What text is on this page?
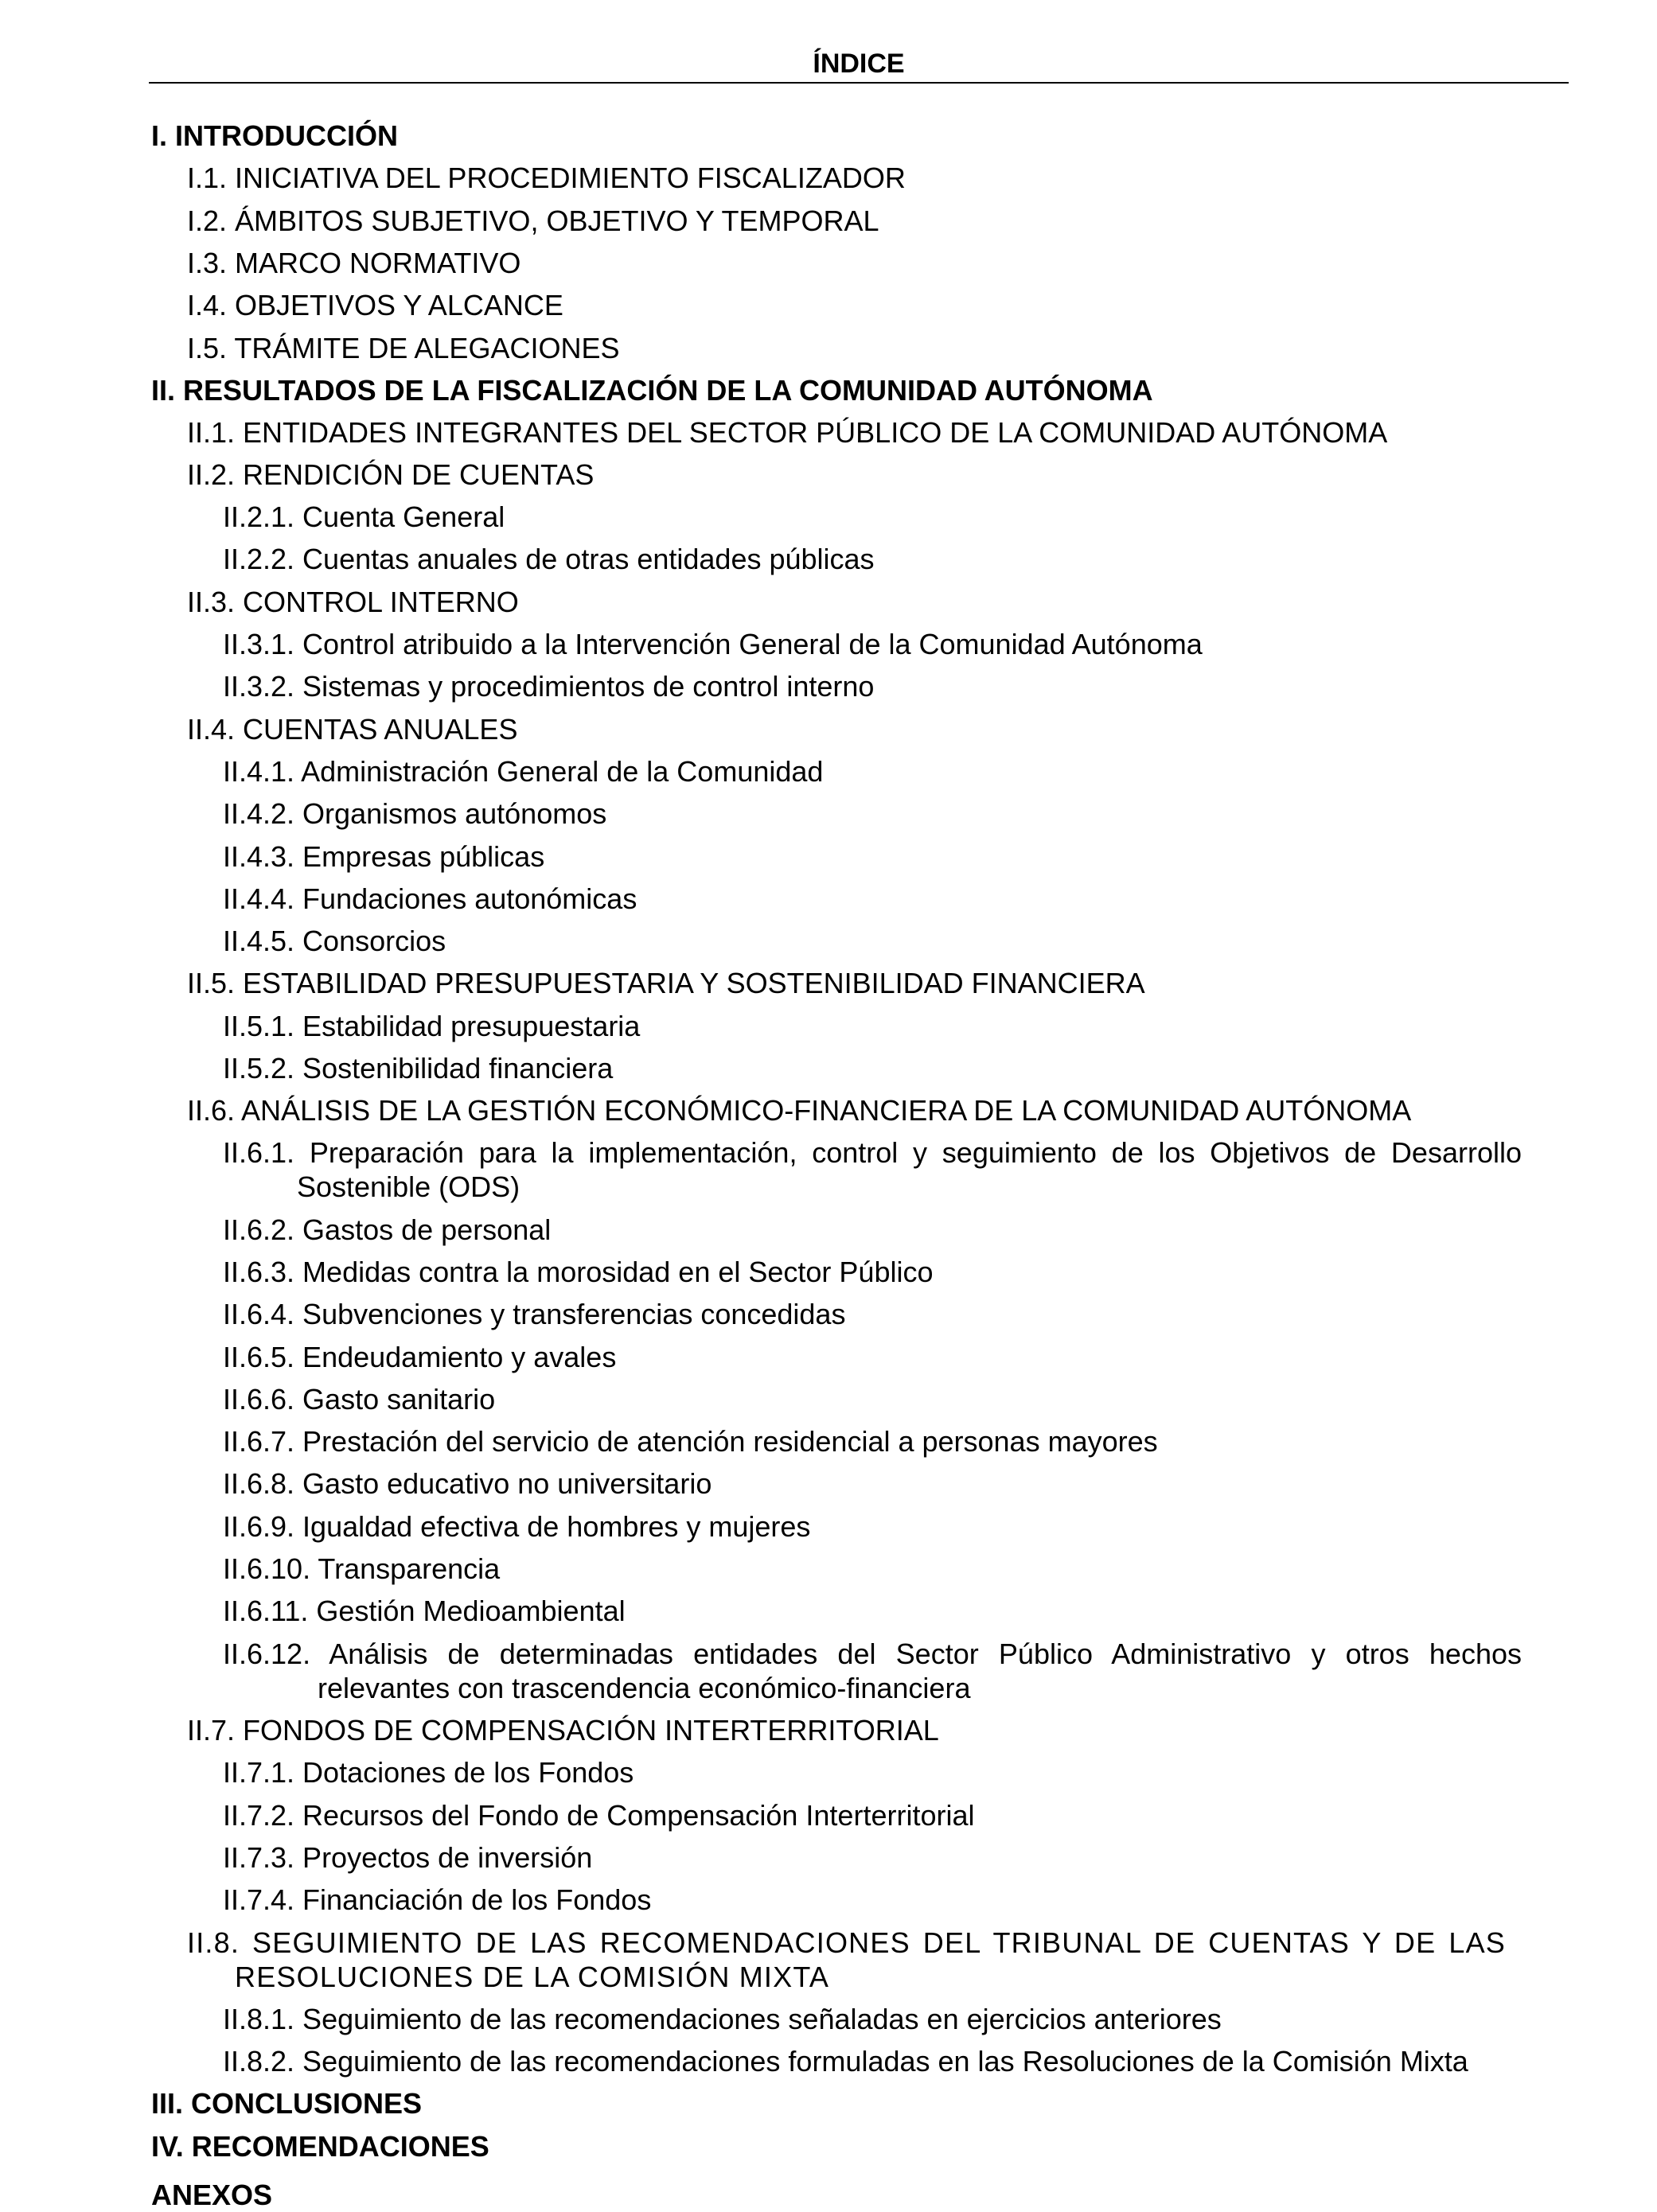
ÍNDICE
I. INTRODUCCIÓN
I.1. INICIATIVA DEL PROCEDIMIENTO FISCALIZADOR
I.2. ÁMBITOS SUBJETIVO, OBJETIVO Y TEMPORAL
I.3. MARCO NORMATIVO
I.4. OBJETIVOS Y ALCANCE
I.5. TRÁMITE DE ALEGACIONES
II. RESULTADOS DE LA FISCALIZACIÓN DE LA COMUNIDAD AUTÓNOMA
II.1. ENTIDADES INTEGRANTES DEL SECTOR PÚBLICO DE LA COMUNIDAD AUTÓNOMA
II.2. RENDICIÓN DE CUENTAS
II.2.1. Cuenta General
II.2.2. Cuentas anuales de otras entidades públicas
II.3. CONTROL INTERNO
II.3.1. Control atribuido a la Intervención General de la Comunidad Autónoma
II.3.2. Sistemas y procedimientos de control interno
II.4. CUENTAS ANUALES
II.4.1. Administración General de la Comunidad
II.4.2. Organismos autónomos
II.4.3. Empresas públicas
II.4.4. Fundaciones autonómicas
II.4.5. Consorcios
II.5. ESTABILIDAD PRESUPUESTARIA Y SOSTENIBILIDAD FINANCIERA
II.5.1. Estabilidad presupuestaria
II.5.2. Sostenibilidad financiera
II.6. ANÁLISIS DE LA GESTIÓN ECONÓMICO-FINANCIERA DE LA COMUNIDAD AUTÓNOMA
II.6.1. Preparación para la implementación, control y seguimiento de los Objetivos de Desarrollo Sostenible (ODS)
II.6.2. Gastos de personal
II.6.3. Medidas contra la morosidad en el Sector Público
II.6.4. Subvenciones y transferencias concedidas
II.6.5. Endeudamiento y avales
II.6.6. Gasto sanitario
II.6.7. Prestación del servicio de atención residencial a personas mayores
II.6.8. Gasto educativo no universitario
II.6.9. Igualdad efectiva de hombres y mujeres
II.6.10. Transparencia
II.6.11. Gestión Medioambiental
II.6.12. Análisis de determinadas entidades del Sector Público Administrativo y otros hechos relevantes con trascendencia económico-financiera
II.7. FONDOS DE COMPENSACIÓN INTERTERRITORIAL
II.7.1. Dotaciones de los Fondos
II.7.2. Recursos del Fondo de Compensación Interterritorial
II.7.3. Proyectos de inversión
II.7.4. Financiación de los Fondos
II.8. SEGUIMIENTO DE LAS RECOMENDACIONES DEL TRIBUNAL DE CUENTAS Y DE LAS RESOLUCIONES DE LA COMISIÓN MIXTA
II.8.1. Seguimiento de las recomendaciones señaladas en ejercicios anteriores
II.8.2. Seguimiento de las recomendaciones formuladas en las Resoluciones de la Comisión Mixta
III. CONCLUSIONES
IV. RECOMENDACIONES
ANEXOS
